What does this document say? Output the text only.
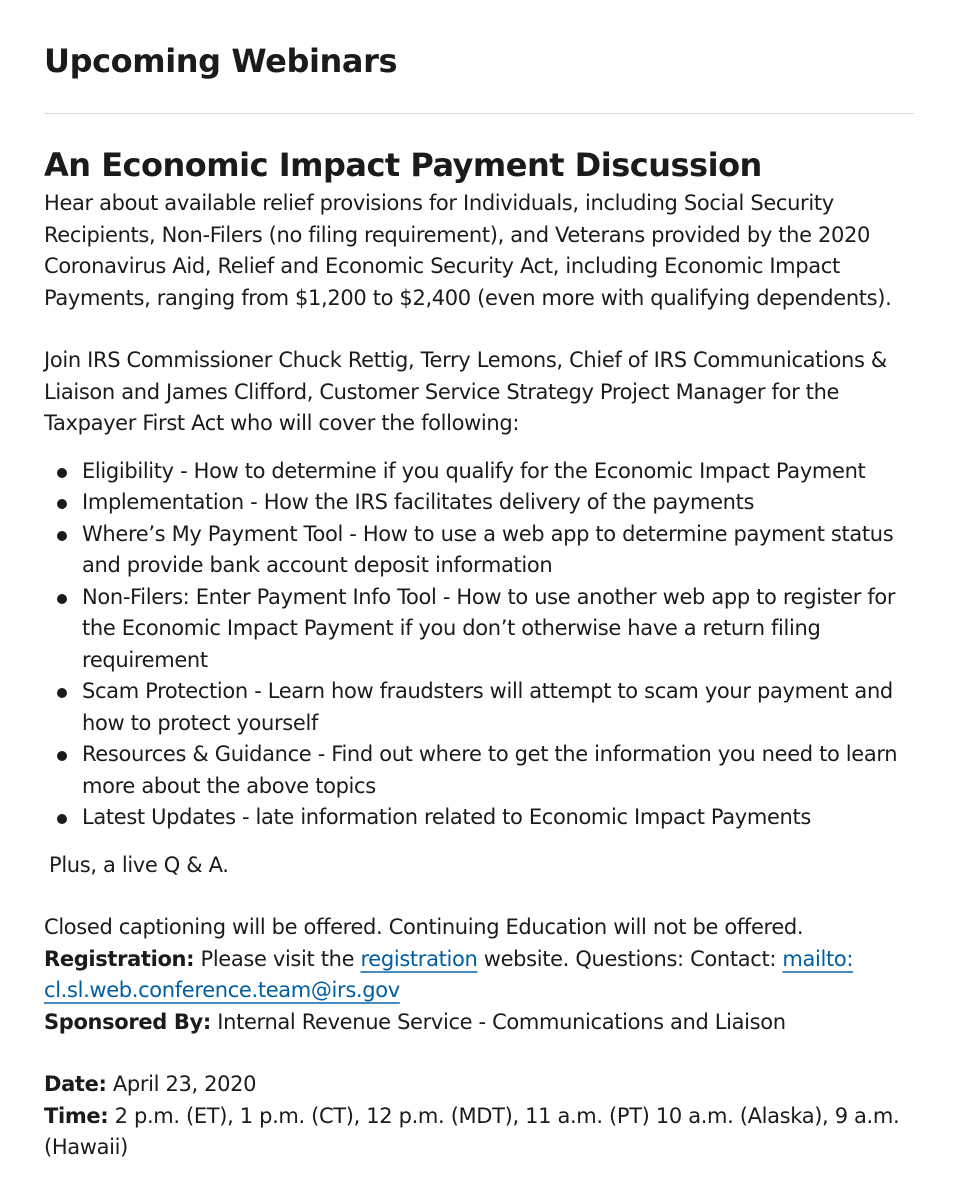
Upcoming Webinars
An Economic Impact Payment Discussion

Hear about available relief provisions for Individuals, including Social Security Recipients, Non-Filers (no filing requirement), and Veterans provided by the 2020 Coronavirus Aid, Relief and Economic Security Act, including Economic Impact Payments, ranging from $1,200 to $2,400 (even more with qualifying dependents).

Join IRS Commissioner Chuck Rettig, Terry Lemons, Chief of IRS Communications & Liaison and James Clifford, Customer Service Strategy Project Manager for the Taxpayer First Act who will cover the following:

Eligibility - How to determine if you qualify for the Economic Impact Payment
Implementation - How the IRS facilitates delivery of the payments
Where’s My Payment Tool - How to use a web app to determine payment status and provide bank account deposit information
Non-Filers: Enter Payment Info Tool - How to use another web app to register for the Economic Impact Payment if you don’t otherwise have a return filing requirement
Scam Protection - Learn how fraudsters will attempt to scam your payment and how to protect yourself
Resources & Guidance - Find out where to get the information you need to learn more about the above topics
Latest Updates - late information related to Economic Impact Payments

Plus, a live Q & A.

Closed captioning will be offered. Continuing Education will not be offered.

Registration: Please visit the registration website. Questions: Contact: mailto:
cl.sl.web.conference.team@irs.gov

Sponsored By: Internal Revenue Service - Communications and Liaison

Date: April 23, 2020

Time: 2 p.m. (ET), 1 p.m. (CT), 12 p.m. (MDT), 11 a.m. (PT) 10 a.m. (Alaska), 9 a.m. (Hawaii)
